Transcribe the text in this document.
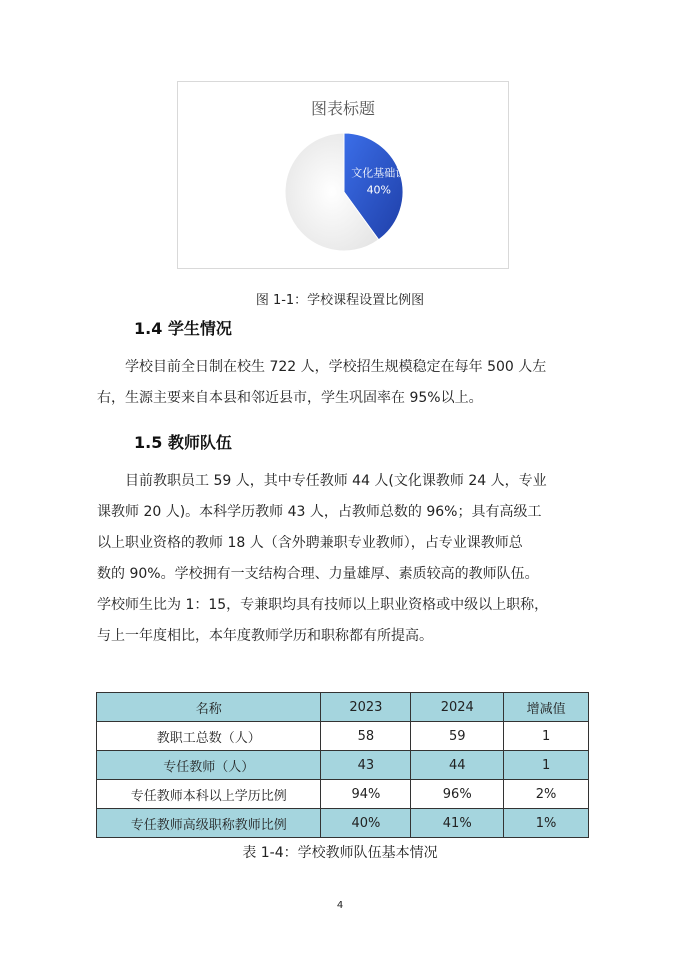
图表标题
文化基础课
40%
图 1-1：学校课程设置比例图
1.4 学生情况
学校目前全日制在校生 722 人，学校招生规模稳定在每年 500 人左
右，生源主要来自本县和邻近县市，学生巩固率在 95%以上。
1.5 教师队伍
目前教职员工 59 人，其中专任教师 44 人(文化课教师 24 人，专业
课教师 20 人)。本科学历教师 43 人，占教师总数的 96%；具有高级工
以上职业资格的教师 18 人（含外聘兼职专业教师），占专业课教师总
数的 90%。学校拥有一支结构合理、力量雄厚、素质较高的教师队伍。
学校师生比为 1：15，专兼职均具有技师以上职业资格或中级以上职称，
与上一年度相比，本年度教师学历和职称都有所提高。
名称	2023	2024	增减值
教职工总数（人）	58	59	1
专任教师（人）	43	44	1
专任教师本科以上学历比例	94%	96%	2%
专任教师高级职称教师比例	40%	41%	1%
表 1-4：学校教师队伍基本情况
4
